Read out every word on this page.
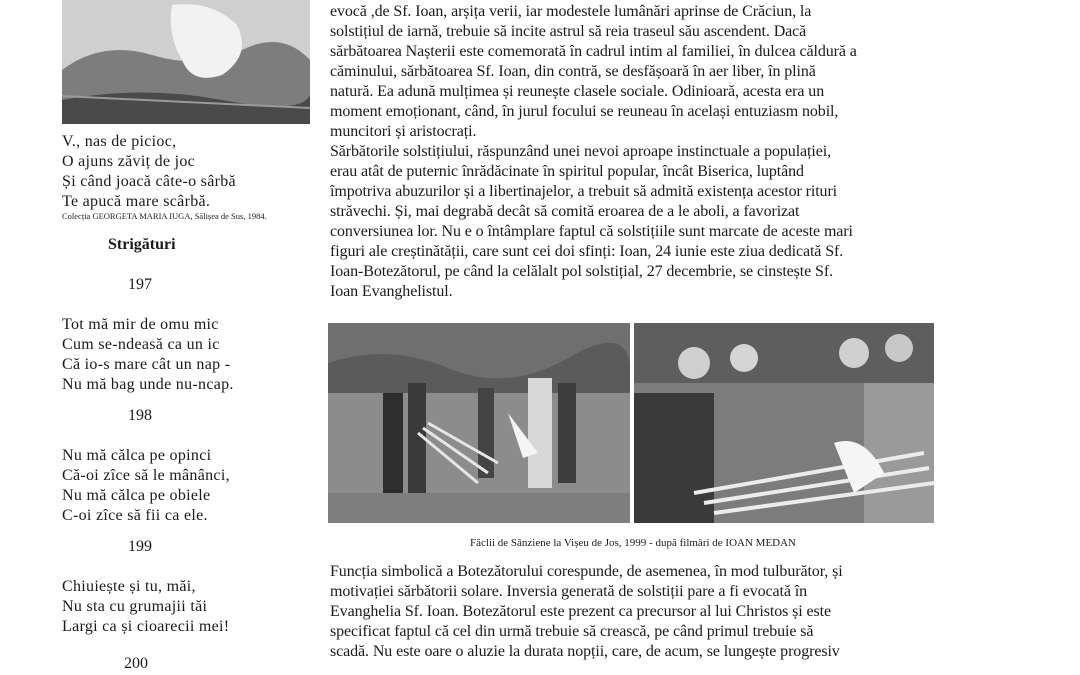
V., nas de picioc,

O ajuns zăviț de joc

Și când joacă câte-o sârbă

Te apucă mare scârbă.

Colecția GEORGETA MARIA IUGA, Sălișea de Sus, 1984.
Strigături
197

Tot mă mir de omu mic

Cum se-ndeasă ca un ic

Că io-s mare cât un nap -

Nu mă bag unde nu-ncap.

198

Nu mă călca pe opinci

Că-oi zîce să le mânânci,

Nu mă călca pe obiele

C-oi zîce să fii ca ele.

199

Chiuiește și tu, măi,

Nu sta cu grumajii tăi

Largi ca și cioarecii mei!

200

evocă ,de Sf. Ioan, arșița verii, iar modestele lumânări aprinse de Crăciun, la

solstițiul de iarnă, trebuie să incite astrul să reia traseul său ascendent. Dacă

sărbătoarea Nașterii este comemorată în cadrul intim al familiei, în dulcea căldură a

căminului, sărbătoarea Sf. Ioan, din contră, se desfășoară în aer liber, în plină

natură. Ea adună mulțimea și reunește clasele sociale. Odinioară, acesta era un

moment emoționant, când, în jurul focului se reuneau în același entuziasm nobil,

muncitori și aristocrați.

Sărbătorile solstițiului, răspunzând unei nevoi aproape instinctuale a populației,

erau atât de puternic înrădăcinate în spiritul popular, încât Biserica, luptând

împotriva abuzurilor și a libertinajelor, a trebuit să admită existența acestor rituri

străvechi. Și, mai degrabă decât să comită eroarea de a le aboli, a favorizat

conversiunea lor. Nu e o întâmplare faptul că solstițiile sunt marcate de aceste mari

figuri ale creștinătății, care sunt cei doi sfinți: Ioan, 24 iunie este ziua dedicată Sf.

Ioan-Botezătorul, pe când la celălalt pol solstițial, 27 decembrie, se cinstește Sf.

Ioan Evanghelistul.

Făclii de Sânziene la Vișeu de Jos, 1999 - după filmări de IOAN MEDAN

Funcția simbolică a Botezătorului corespunde, de asemenea, în mod tulburător, și

motivației sărbătorii solare. Inversia generată de solstiții pare a fi evocată în

Evanghelia Sf. Ioan. Botezătorul este prezent ca precursor al lui Christos și este

specificat faptul că cel din urmă trebuie să crească, pe când primul trebuie să

scadă. Nu este oare o aluzie la durata nopții, care, de acum, se lungește progresiv
